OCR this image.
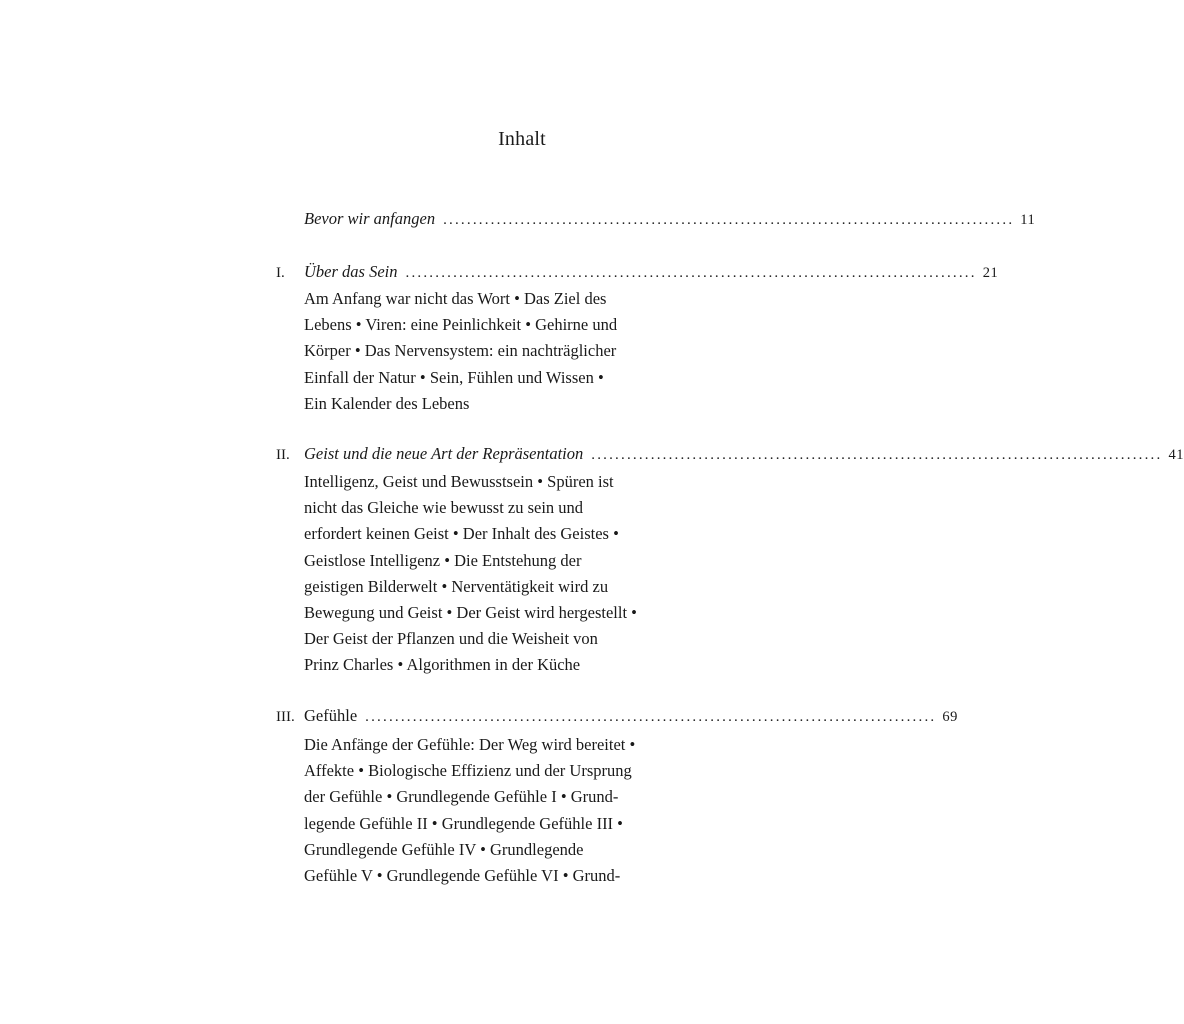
Inhalt
Bevor wir anfangen ................................................................................................ 11
I.	Über das Sein ................................................................................................ 21
Am Anfang war nicht das Wort • Das Ziel des
Lebens • Viren: eine Peinlichkeit • Gehirne und
Körper • Das Nervensystem: ein nachträglicher
Einfall der Natur • Sein, Fühlen und Wissen •
Ein Kalender des Lebens
II. Geist und die neue Art der Repräsentation ................................................................................................ 41
Intelligenz, Geist und Bewusstsein • Spüren ist
nicht das Gleiche wie bewusst zu sein und
erfordert keinen Geist • Der Inhalt des Geistes •
Geistlose Intelligenz • Die Entstehung der
geistigen Bilderwelt • Nerventätigkeit wird zu
Bewegung und Geist • Der Geist wird hergestellt •
Der Geist der Pflanzen und die Weisheit von
Prinz Charles • Algorithmen in der Küche
III. Gefühle ................................................................................................ 69
Die Anfänge der Gefühle: Der Weg wird bereitet •
Affekte • Biologische Effizienz und der Ursprung
der Gefühle • Grundlegende Gefühle I • Grund-
legende Gefühle II • Grundlegende Gefühle III •
Grundlegende Gefühle IV • Grundlegende
Gefühle V • Grundlegende Gefühle VI • Grund-
